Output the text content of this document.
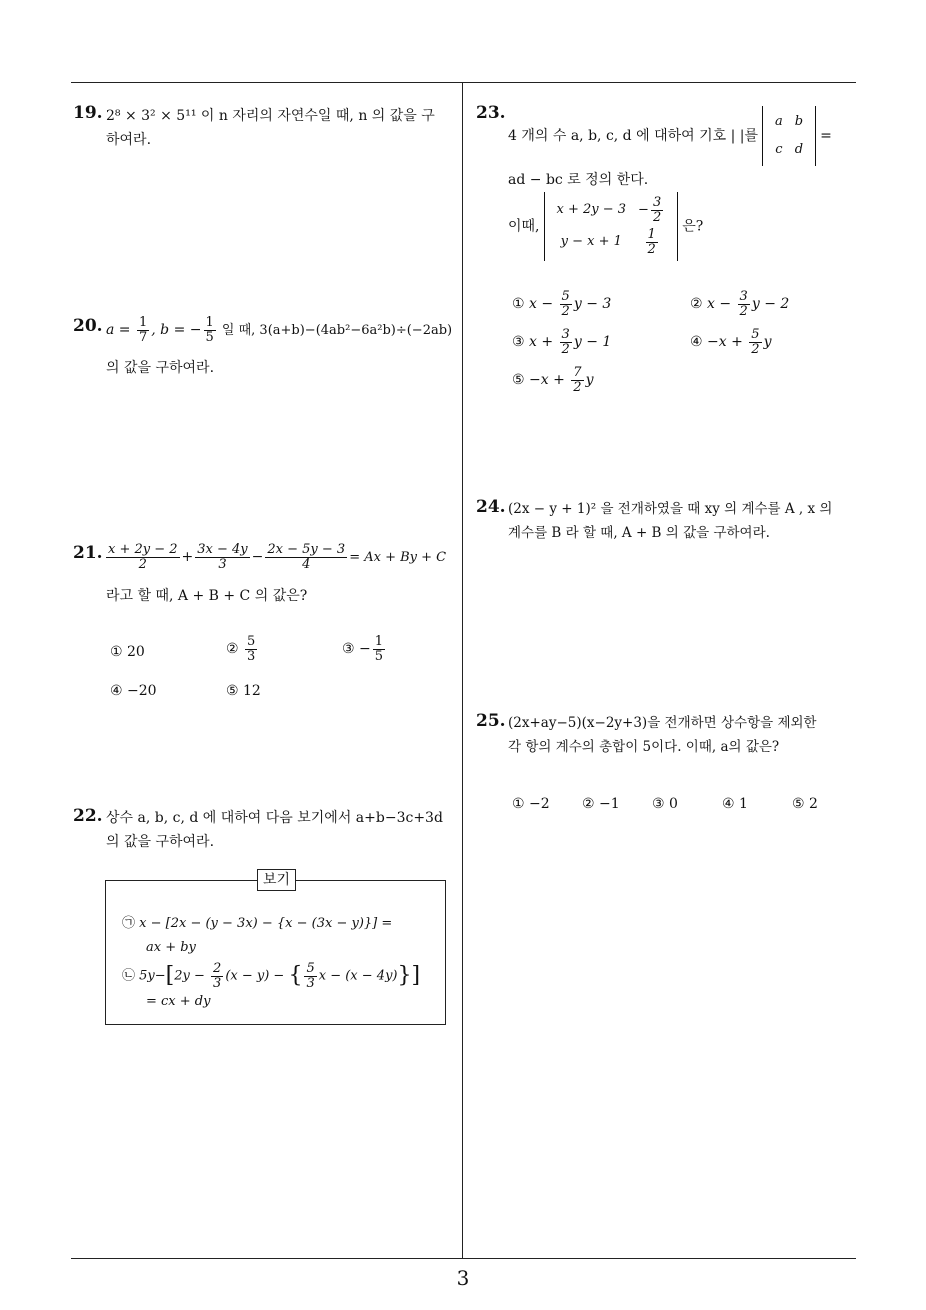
3
19. 2⁸ × 3² × 5¹¹ 이 n 자리의 자연수일 때, n 의 값을 구
하여라.
20. $a = \frac{1}{7}$ , b = − $\frac{1}{5}$ 일 때, 3(a+b)−(4ab²−6a²b)÷(−2ab)
의 값을 구하여라.
21. $\frac{x + 2y - 2}{2} + \frac{3x - 4y}{3} - \frac{2x - 5y - 3}{4} = Ax + By + C$
라고 할 때, A + B + C 의 값은?
① 20	② $\frac{5}{3}$	③ − $\frac{1}{5}$
④ −20	⑤ 12
22. 상수 a, b, c, d 에 대하여 다음 보기에서 a+b−3c+3d
의 값을 구하여라.
보기
㉠ x − [2x − (y − 3x) − {x − (3x − y)}] =
ax + by
㉡ $5y-[2y - \frac{2}{3} (x - y)$ − { $\frac{5}{3}$ x − (x − 4y)}]
= cx + dy
23.
4 개의 수 a, b, c, d 에 대하여 기호 | |를
a	b
c	d
=
ad − bc 로 정의 한다.
이때,
x + 2y − 3	− $\frac{3}{2}$

y − x + 1	$\frac{1}{2}$
은?
① $x - \frac{5}{2}$ y − 3	② $x - \frac{3}{2}$ y − 2
③ $x + \frac{3}{2}$ y − 1	④ $-x + \frac{5}{2}$ y
⑤ $-x + \frac{7}{2}$ y
24. (2x − y + 1)² 을 전개하였을 때 xy 의 계수를 A , x 의
계수를 B 라 할 때, A + B 의 값을 구하여라.
25. (2x+ay−5)(x−2y+3)을 전개하면 상수항을 제외한
각 항의 계수의 총합이 5이다. 이때, a의 값은?
① −2 ② −1 ③ 0	④ 1	⑤ 2
